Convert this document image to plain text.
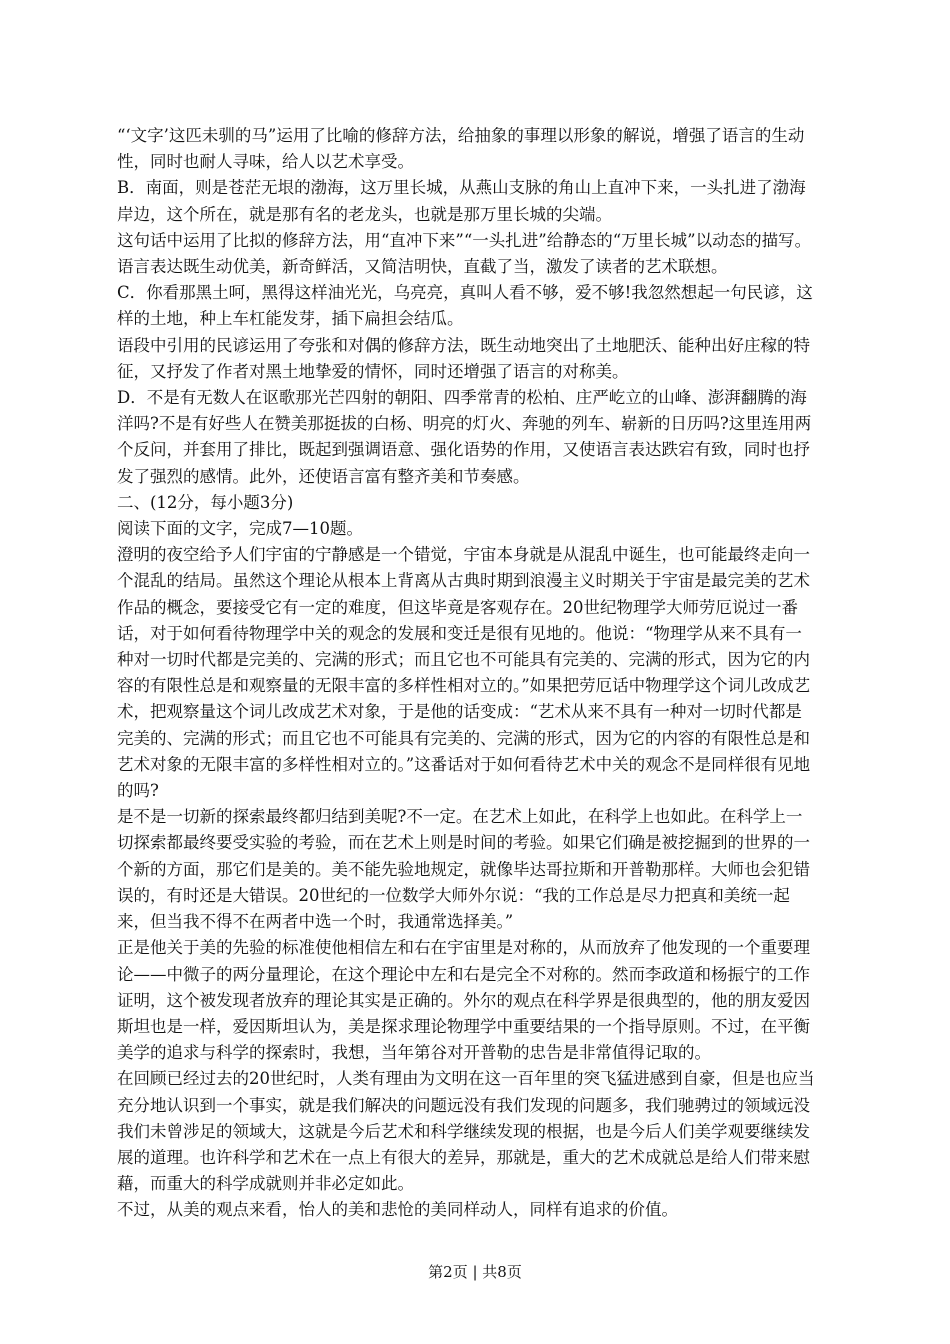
“‘文字’这匹未驯的马”运用了比喻的修辞方法，给抽象的事理以形象的解说，增强了语言的生动性，同时也耐人寻味，给人以艺术享受。

B．南面，则是苍茫无垠的渤海，这万里长城，从燕山支脉的角山上直冲下来，一头扎进了渤海岸边，这个所在，就是那有名的老龙头，也就是那万里长城的尖端。

这句话中运用了比拟的修辞方法，用“直冲下来”“一头扎进”给静态的“万里长城”以动态的描写。语言表达既生动优美，新奇鲜活，又简洁明快，直截了当，激发了读者的艺术联想。

C．你看那黑土呵，黑得这样油光光，乌亮亮，真叫人看不够，爱不够!我忽然想起一句民谚，这样的土地，种上车杠能发芽，插下扁担会结瓜。

语段中引用的民谚运用了夸张和对偶的修辞方法，既生动地突出了土地肥沃、能种出好庄稼的特征，又抒发了作者对黑土地挚爱的情怀，同时还增强了语言的对称美。

D．不是有无数人在讴歌那光芒四射的朝阳、四季常青的松柏、庄严屹立的山峰、澎湃翻腾的海洋吗?不是有好些人在赞美那挺拔的白杨、明亮的灯火、奔驰的列车、崭新的日历吗?这里连用两个反问，并套用了排比，既起到强调语意、强化语势的作用，又使语言表达跌宕有致，同时也抒发了强烈的感情。此外，还使语言富有整齐美和节奏感。

二、(12分，每小题3分)

阅读下面的文字，完成7—10题。

澄明的夜空给予人们宇宙的宁静感是一个错觉，宇宙本身就是从混乱中诞生，也可能最终走向一个混乱的结局。虽然这个理论从根本上背离从古典时期到浪漫主义时期关于宇宙是最完美的艺术作品的概念，要接受它有一定的难度，但这毕竟是客观存在。20世纪物理学大师劳厄说过一番话，对于如何看待物理学中关的观念的发展和变迁是很有见地的。他说：“物理学从来不具有一种对一切时代都是完美的、完满的形式；而且它也不可能具有完美的、完满的形式，因为它的内容的有限性总是和观察量的无限丰富的多样性相对立的。”如果把劳厄话中物理学这个词儿改成艺术，把观察量这个词儿改成艺术对象，于是他的话变成：“艺术从来不具有一种对一切时代都是完美的、完满的形式；而且它也不可能具有完美的、完满的形式，因为它的内容的有限性总是和艺术对象的无限丰富的多样性相对立的。”这番话对于如何看待艺术中关的观念不是同样很有见地的吗?

是不是一切新的探索最终都归结到美呢?不一定。在艺术上如此，在科学上也如此。在科学上一切探索都最终要受实验的考验，而在艺术上则是时间的考验。如果它们确是被挖掘到的世界的一个新的方面，那它们是美的。美不能先验地规定，就像毕达哥拉斯和开普勒那样。大师也会犯错误的，有时还是大错误。20世纪的一位数学大师外尔说：“我的工作总是尽力把真和美统一起来，但当我不得不在两者中选一个时，我通常选择美。”

正是他关于美的先验的标准使他相信左和右在宇宙里是对称的，从而放弃了他发现的一个重要理论——中微子的两分量理论，在这个理论中左和右是完全不对称的。然而李政道和杨振宁的工作证明，这个被发现者放弃的理论其实是正确的。外尔的观点在科学界是很典型的，他的朋友爱因斯坦也是一样，爱因斯坦认为，美是探求理论物理学中重要结果的一个指导原则。不过，在平衡美学的追求与科学的探索时，我想，当年第谷对开普勒的忠告是非常值得记取的。

在回顾已经过去的20世纪时，人类有理由为文明在这一百年里的突飞猛进感到自豪，但是也应当充分地认识到一个事实，就是我们解决的问题远没有我们发现的问题多，我们驰骋过的领域远没我们未曾涉足的领域大，这就是今后艺术和科学继续发现的根据，也是今后人们美学观要继续发展的道理。也许科学和艺术在一点上有很大的差异，那就是，重大的艺术成就总是给人们带来慰藉，而重大的科学成就则并非必定如此。

不过，从美的观点来看，怡人的美和悲怆的美同样动人，同样有追求的价值。

第2页 | 共8页
